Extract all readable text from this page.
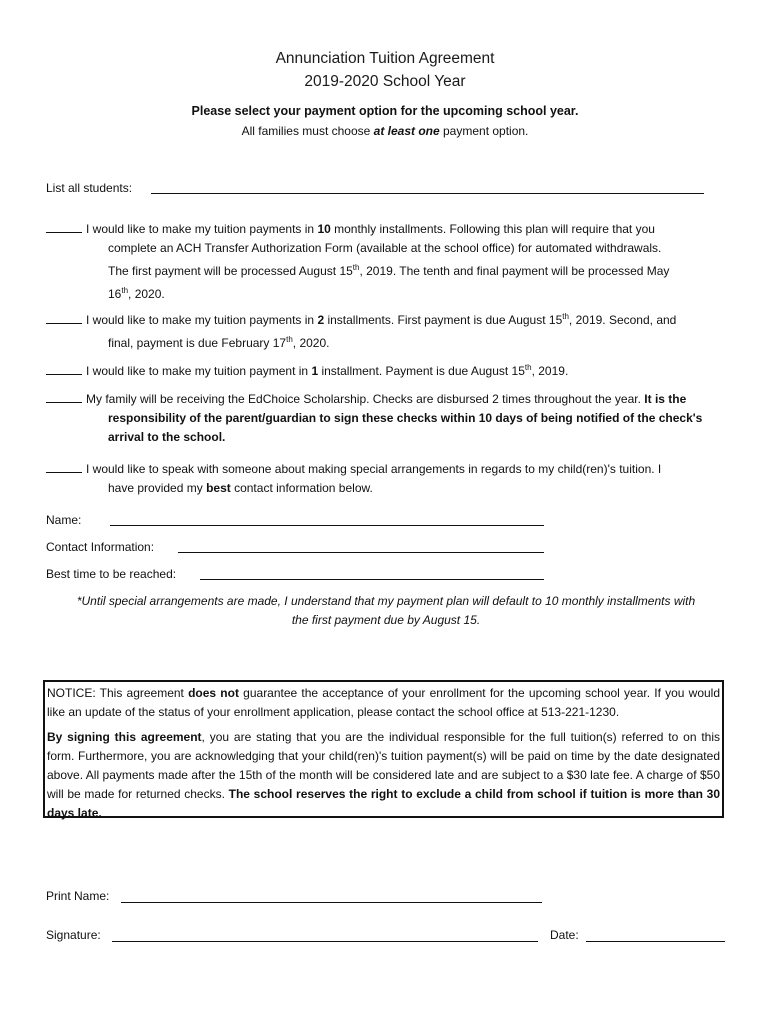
Annunciation Tuition Agreement
2019-2020 School Year
Please select your payment option for the upcoming school year.
All families must choose at least one payment option.
List all students:
I would like to make my tuition payments in 10 monthly installments. Following this plan will require that you
complete an ACH Transfer Authorization Form (available at the school office) for automated withdrawals.
The first payment will be processed August 15th, 2019. The tenth and final payment will be processed May
16th, 2020.
I would like to make my tuition payments in 2 installments. First payment is due August 15th, 2019. Second, and
final, payment is due February 17th, 2020.
I would like to make my tuition payment in 1 installment. Payment is due August 15th, 2019.
My family will be receiving the EdChoice Scholarship. Checks are disbursed 2 times throughout the year. It is the
responsibility of the parent/guardian to sign these checks within 10 days of being notified of the check's
arrival to the school.
I would like to speak with someone about making special arrangements in regards to my child(ren)'s tuition. I
have provided my best contact information below.
Name:
Contact Information:
Best time to be reached:
*Until special arrangements are made, I understand that my payment plan will default to 10 monthly installments with
the first payment due by August 15.

NOTICE: This agreement does not guarantee the acceptance of your enrollment for the upcoming school year. If you would like an update of the status of your enrollment application, please contact the school office at 513-221-1230.

By signing this agreement, you are stating that you are the individual responsible for the full tuition(s) referred to on this form. Furthermore, you are acknowledging that your child(ren)'s tuition payment(s) will be paid on time by the date designated above. All payments made after the 15th of the month will be considered late and are subject to a $30 late fee. A charge of $50 will be made for returned checks. The school reserves the right to exclude a child from school if tuition is more than 30 days late.

Print Name:
Signature:	Date:
